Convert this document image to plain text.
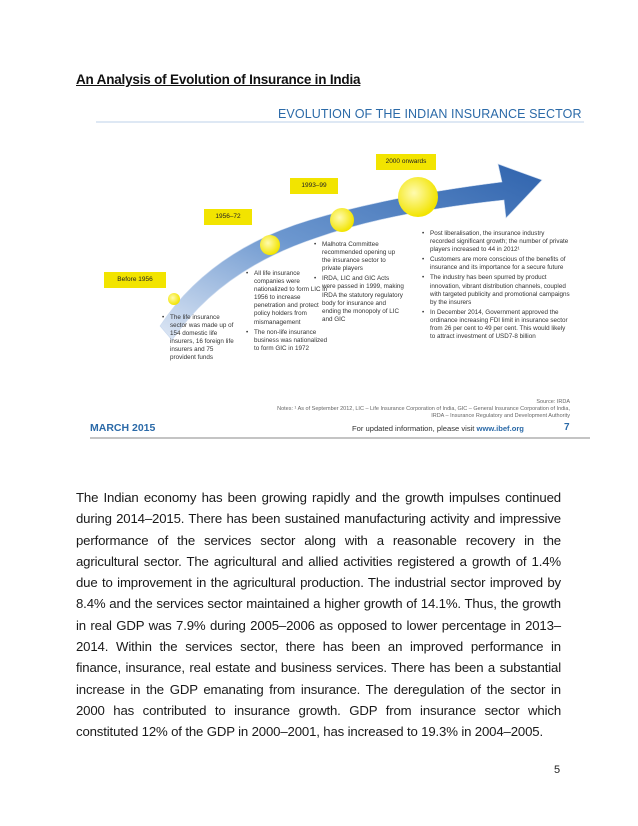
An Analysis of Evolution of Insurance in India
EVOLUTION OF THE INDIAN INSURANCE SECTOR
Before 1956
1956–72
1993–99
2000 onwards
• The life insurance sector was made up of 154 domestic life insurers, 16 foreign life insurers and 75 provident funds
• All life insurance companies were nationalized to form LIC in 1956 to increase penetration and protect policy holders from mismanagement
• The non-life insurance business was nationalized to form GIC in 1972
• Malhotra Committee recommended opening up the insurance sector to private players
• IRDA, LIC and GIC Acts were passed in 1999, making IRDA the statutory regulatory body for insurance and ending the monopoly of LIC and GIC
• Post liberalisation, the insurance industry recorded significant growth; the number of private players increased to 44 in 2012¹
• Customers are more conscious of the benefits of insurance and its importance for a secure future
• The industry has been spurred by product innovation, vibrant distribution channels, coupled with targeted publicity and promotional campaigns by the insurers
• In December 2014, Government approved the ordinance increasing FDI limit in insurance sector from 26 per cent to 49 per cent. This would likely to attract investment of USD7-8 billion
Source: IRDA
Notes: ¹ As of September 2012, LIC – Life Insurance Corporation of India, GIC – General Insurance Corporation of India,
IRDA – Insurance Regulatory and Development Authority
MARCH 2015	For updated information, please visit www.ibef.org	7
The Indian economy has been growing rapidly and the growth impulses continued during 2014–2015. There has been sustained manufacturing activity and impressive performance of the services sector along with a reasonable recovery in the agricultural sector. The agricultural and allied activities registered a growth of 1.4% due to improvement in the agricultural production. The industrial sector improved by 8.4% and the services sector maintained a higher growth of 14.1%. Thus, the growth in real GDP was 7.9% during 2005–2006 as opposed to lower percentage in 2013–2014. Within the services sector, there has been an improved performance in finance, insurance, real estate and business services. There has been a substantial increase in the GDP emanating from insurance. The deregulation of the sector in 2000 has contributed to insurance growth. GDP from insurance sector which constituted 12% of the GDP in 2000–2001, has increased to 19.3% in 2004–2005.
5
